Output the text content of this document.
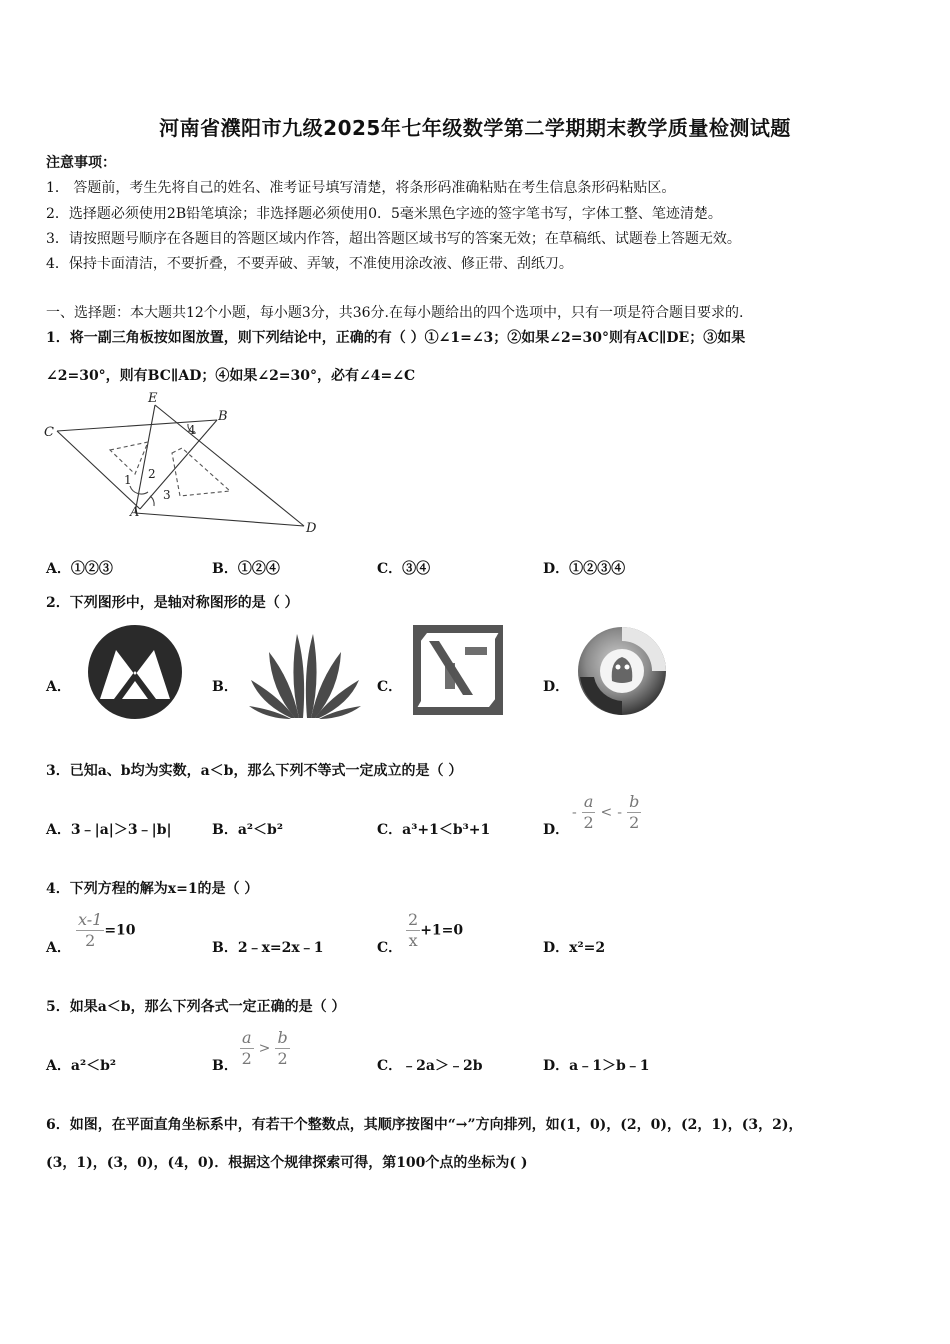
河南省濮阳市九级2025年七年级数学第二学期期末教学质量检测试题
注意事项：
1． 答题前，考生先将自己的姓名、准考证号填写清楚，将条形码准确粘贴在考生信息条形码粘贴区。
2．选择题必须使用2B铅笔填涂；非选择题必须使用0．5毫米黑色字迹的签字笔书写，字体工整、笔迹清楚。
3．请按照题号顺序在各题目的答题区域内作答，超出答题区域书写的答案无效；在草稿纸、试题卷上答题无效。
4．保持卡面清洁，不要折叠，不要弄破、弄皱，不准使用涂改液、修正带、刮纸刀。
一、选择题：本大题共12个小题，每小题3分，共36分.在每小题给出的四个选项中，只有一项是符合题目要求的.
1．将一副三角板按如图放置，则下列结论中，正确的有（ ）①∠1=∠3；②如果∠2=30°则有AC∥DE；③如果
∠2=30°，则有BC∥AD；④如果∠2=30°，必有∠4=∠C
E
B
C
A
D
1 2
3
4
A．①②③	B．①②④	C．③④	D．①②③④
2．下列图形中，是轴对称图形的是（ ）
A．	B．	C．	D．
3．已知a、b均为实数，a＜b，那么下列不等式一定成立的是（ ）
A．3﹣|a|＞3﹣|b|	B．a²＜b²	C．a³+1＜b³+1	D．
- $\frac{a}{2}$ < - $\frac{b}{2}$
4．下列方程的解为x=1的是（ ）
A． $\frac{x-1}{2} =10$
B．2﹣x=2x﹣1	C． $\frac{2}{x} +1=0$
D．x²=2
5．如果a＜b，那么下列各式一定正确的是（ ）
A．a²＜b²	B． $\frac{a}{2} > \frac{b}{2}$	C．﹣2a＞﹣2b	D．a﹣1＞b﹣1
6．如图，在平面直角坐标系中，有若干个整数点，其顺序按图中“→”方向排列，如(1，0)，(2，0)，(2，1)，(3，2)，
(3，1)，(3，0)，(4，0)．根据这个规律探索可得，第100个点的坐标为( )
